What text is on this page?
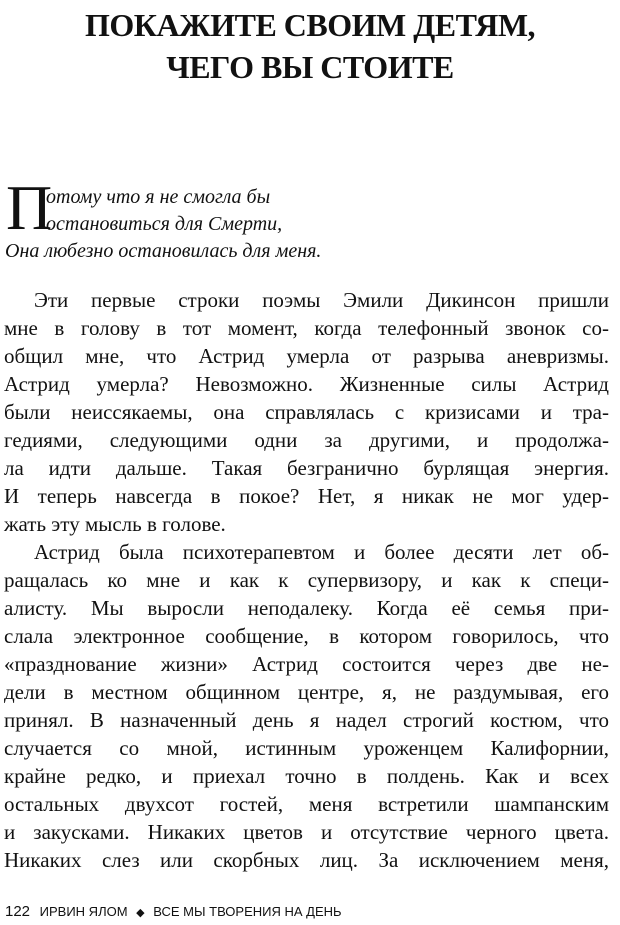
ПОКАЖИТЕ СВОИМ ДЕТЯМ,
ЧЕГО ВЫ СТОИТЕ
П
отому что я не смогла бы
остановиться для Смерти,
Она любезно остановилась для меня.
Эти первые строки поэмы Эмили Дикинсон пришли
мне в голову в тот момент, когда телефонный звонок со-
общил мне, что Астрид умерла от разрыва аневризмы.
Астрид умерла? Невозможно. Жизненные силы Астрид
были неиссякаемы, она справлялась с кризисами и тра-
гедиями, следующими одни за другими, и продолжа-
ла идти дальше. Такая безгранично бурлящая энергия.
И теперь навсегда в покое? Нет, я никак не мог удер-
жать эту мысль в голове.
Астрид была психотерапевтом и более десяти лет об-
ращалась ко мне и как к супервизору, и как к специ-
алисту. Мы выросли неподалеку. Когда её семья при-
слала электронное сообщение, в котором говорилось, что
«празднование жизни» Астрид состоится через две не-
дели в местном общинном центре, я, не раздумывая, его
принял. В назначенный день я надел строгий костюм, что
случается со мной, истинным уроженцем Калифорнии,
крайне редко, и приехал точно в полдень. Как и всех
остальных двухсот гостей, меня встретили шампанским
и закусками. Никаких цветов и отсутствие черного цвета.
Никаких слез или скорбных лиц. За исключением меня,
122 ИРВИН ЯЛОМ ◆ ВСЕ МЫ ТВОРЕНИЯ НА ДЕНЬ
